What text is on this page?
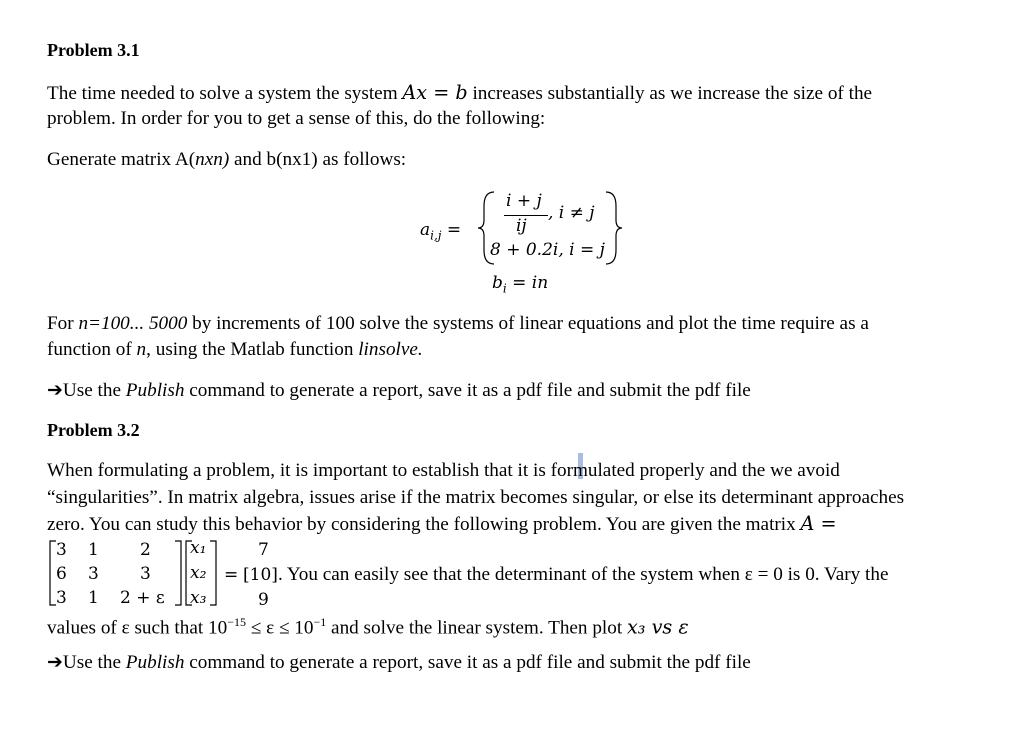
Problem 3.1
The time needed to solve a system the system Ax = b increases substantially as we increase the size of the
problem. In order for you to get a sense of this, do the following:
Generate matrix A(nxn) and b(nx1) as follows:
$a_{i,j}$ =
i + j
ij
, i ≠ j
8 + 0.2i, i = j
$b_i$ = in
For n=100... 5000 by increments of 100 solve the systems of linear equations and plot the time require as a
function of n, using the Matlab function linsolve.
➔Use the Publish command to generate a report, save it as a pdf file and submit the pdf file
Problem 3.2
When formulating a problem, it is important to establish that it is formulated properly and the we avoid
“singularities”. In matrix algebra, issues arise if the matrix becomes singular, or else its determinant approaches
zero. You can study this behavior by considering the following problem. You are given the matrix A =
3 1 2
6 3 3
3 1 2 + ε
x₁
x₂
x₃
7
9
= [10]. You can easily see that the determinant of the system when ε = 0 is 0. Vary the
values of ε such that $10^{-15} \le \varepsilon \le 10^{-1}$ and solve the linear system. Then plot x₃ vs ε
➔Use the Publish command to generate a report, save it as a pdf file and submit the pdf file
